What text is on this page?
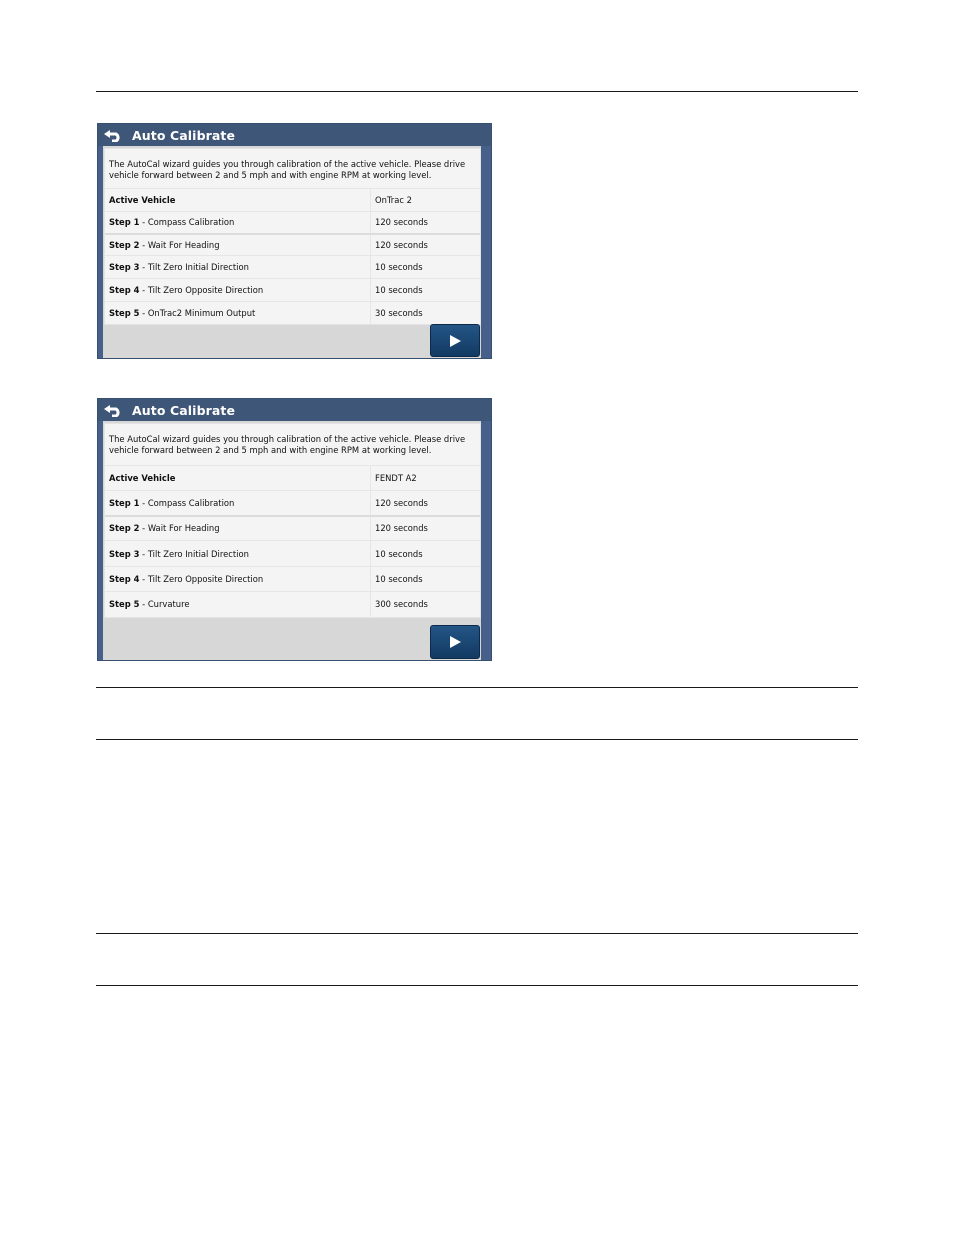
Auto Calibrate
The AutoCal wizard guides you through calibration of the active vehicle. Please drive vehicle forward between 2 and 5 mph and with engine RPM at working level.
Active Vehicle	OnTrac 2
Step 1 - Compass Calibration	120 seconds
Step 2 - Wait For Heading	120 seconds
Step 3 - Tilt Zero Initial Direction	10 seconds
Step 4 - Tilt Zero Opposite Direction	10 seconds
Step 5 - OnTrac2 Minimum Output	30 seconds
Auto Calibrate
The AutoCal wizard guides you through calibration of the active vehicle. Please drive vehicle forward between 2 and 5 mph and with engine RPM at working level.
Active Vehicle	FENDT A2
Step 1 - Compass Calibration	120 seconds
Step 2 - Wait For Heading	120 seconds
Step 3 - Tilt Zero Initial Direction	10 seconds
Step 4 - Tilt Zero Opposite Direction	10 seconds
Step 5 - Curvature	300 seconds
